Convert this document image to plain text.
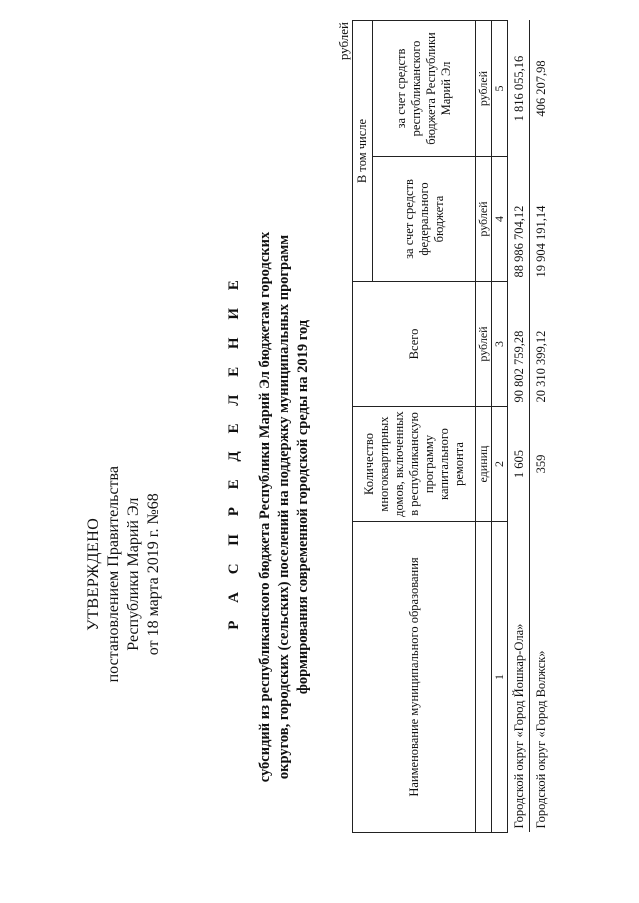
УТВЕРЖДЕНО постановлением Правительства Республики Марий Эл от 18 марта 2019 г. №68	Р А С П Р Е Д Е Л Е Н И Е субсидий из республиканского бюджета Республики Марий Эл бюджетам городских округов, городских (сельских) поселений на поддержку муниципальных программ формирования современной городской среды на 2019 год
рублей
Наименование муниципального образования	Количество многоквартирных домов, включенных в республиканскую программу капитального ремонта	Всего	В том числе	
			за счет средств федерального бюджета	за счет средств республиканского бюджета Республики Марий Эл
	единиц	рублей	рублей	рублей
1	2	3	4	5
Городской округ «Город Йошкар-Ола»	1 605	90 802 759,28	88 986 704,12	1 816 055,16
Городской округ «Город Волжск»	359	20 310 399,12	19 904 191,14	406 207,98
